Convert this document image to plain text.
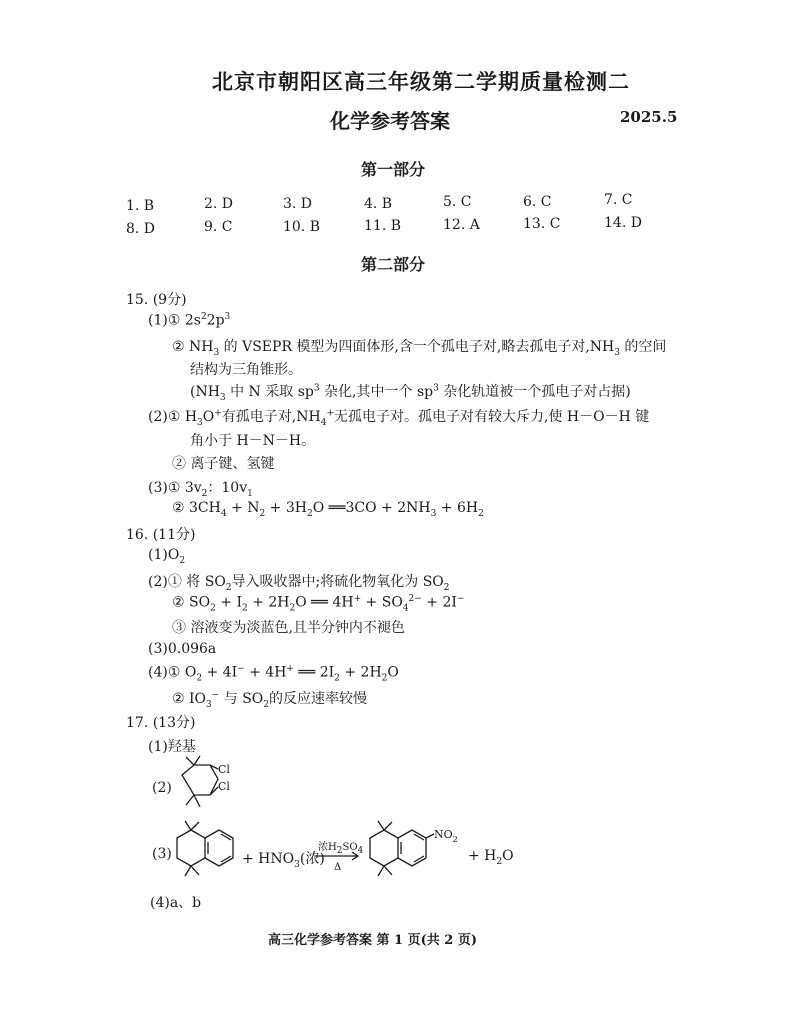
北京市朝阳区高三年级第二学期质量检测二
化学参考答案	2025.5
第一部分
1. B	2. D	3. D	4. B	5. C	6. C	7. C
8. D	9. C	10. B	11. B	12. A	13. C	14. D
第二部分
15. (9分)
(1)① $2s^22p^3$
② $NH_3$ 的 VSEPR 模型为四面体形,含一个孤电子对,略去孤电子对$,NH_3$ 的空间
结构为三角锥形。
($NH_3$ 中 N 采取 $sp^3$ 杂化,其中一个 $sp^3$ 杂化轨道被一个孤电子对占据)
(2)① $H_3O^+$有孤电子对$,NH_4^+$无孤电子对。孤电子对有较大斥力,使 H－O－H 键
角小于 H－N－H。
② 离子键、氢键
(3)① $3v_2$：$10v_1$
② $3CH_4 + N_2 + 3H_2O$ ══3CO + $2NH_3 + 6H_2$
16. (11分)
$(1)O_2$
(2)① 将 $SO_2$导入吸收器中;将硫化物氧化为 $SO_2$
② $SO_2 + I_2 + 2H_2O$ ══ $4H^+ + SO_4^{2-} + 2I^-$
③ 溶液变为淡蓝色,且半分钟内不褪色
(3)0.096a
(4)① $O_2 + 4I^- + 4H^+$ ══ $2I_2 + 2H_2O$
② $IO_3^-$ 与 $SO_2$的反应速率较慢
17. (13分)
(1)羟基
(2)
Cl
Cl
(3)	+ $HNO_3$(浓)
浓$H_2SO_4$
Δ
$NO_2$
+ $H_2O$
(4)a、b
高三化学参考答案 第 1 页(共 2 页)
